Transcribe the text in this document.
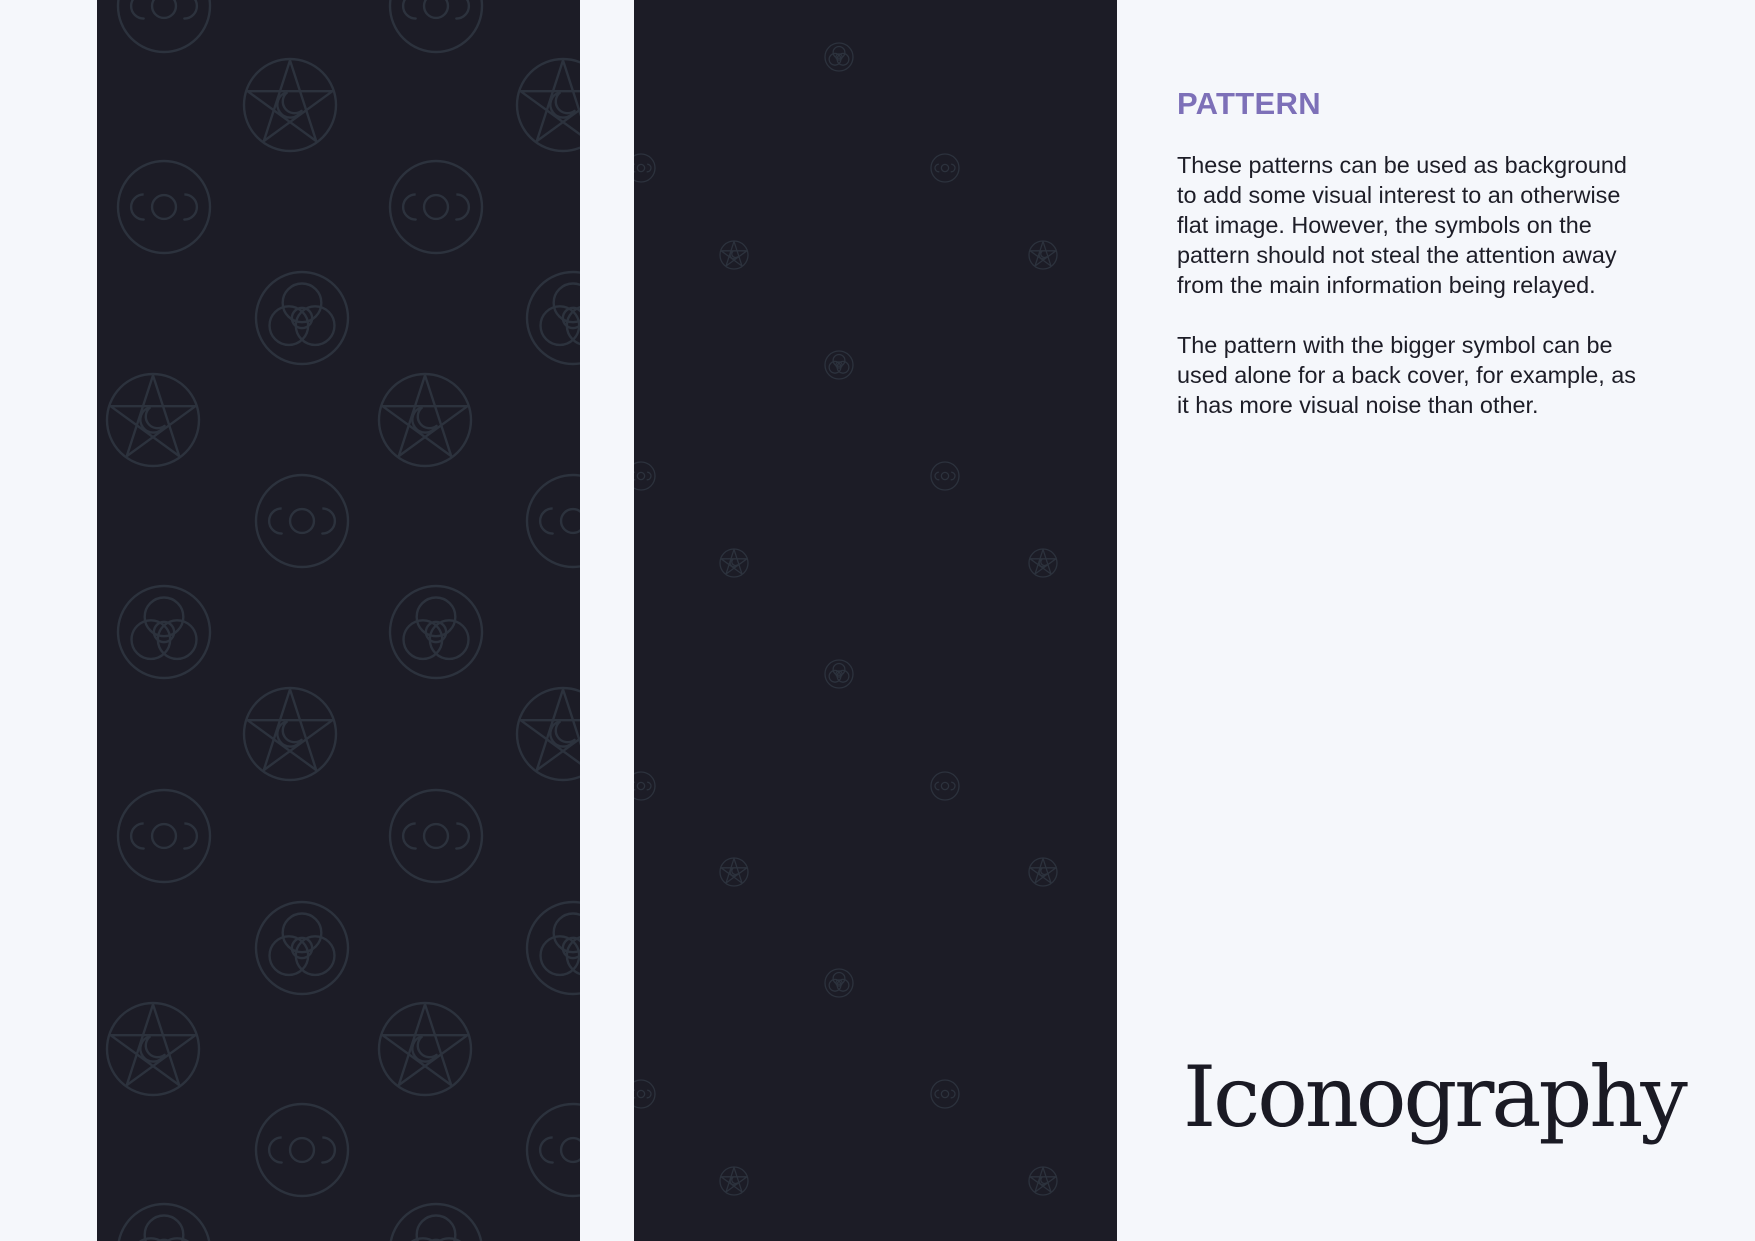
PATTERN
These patterns can be used as background
to add some visual interest to an otherwise
flat image. However, the symbols on the
pattern should not steal the attention away
from the main information being relayed.
The pattern with the bigger symbol can be
used alone for a back cover, for example, as
it has more visual noise than other.
Iconography
